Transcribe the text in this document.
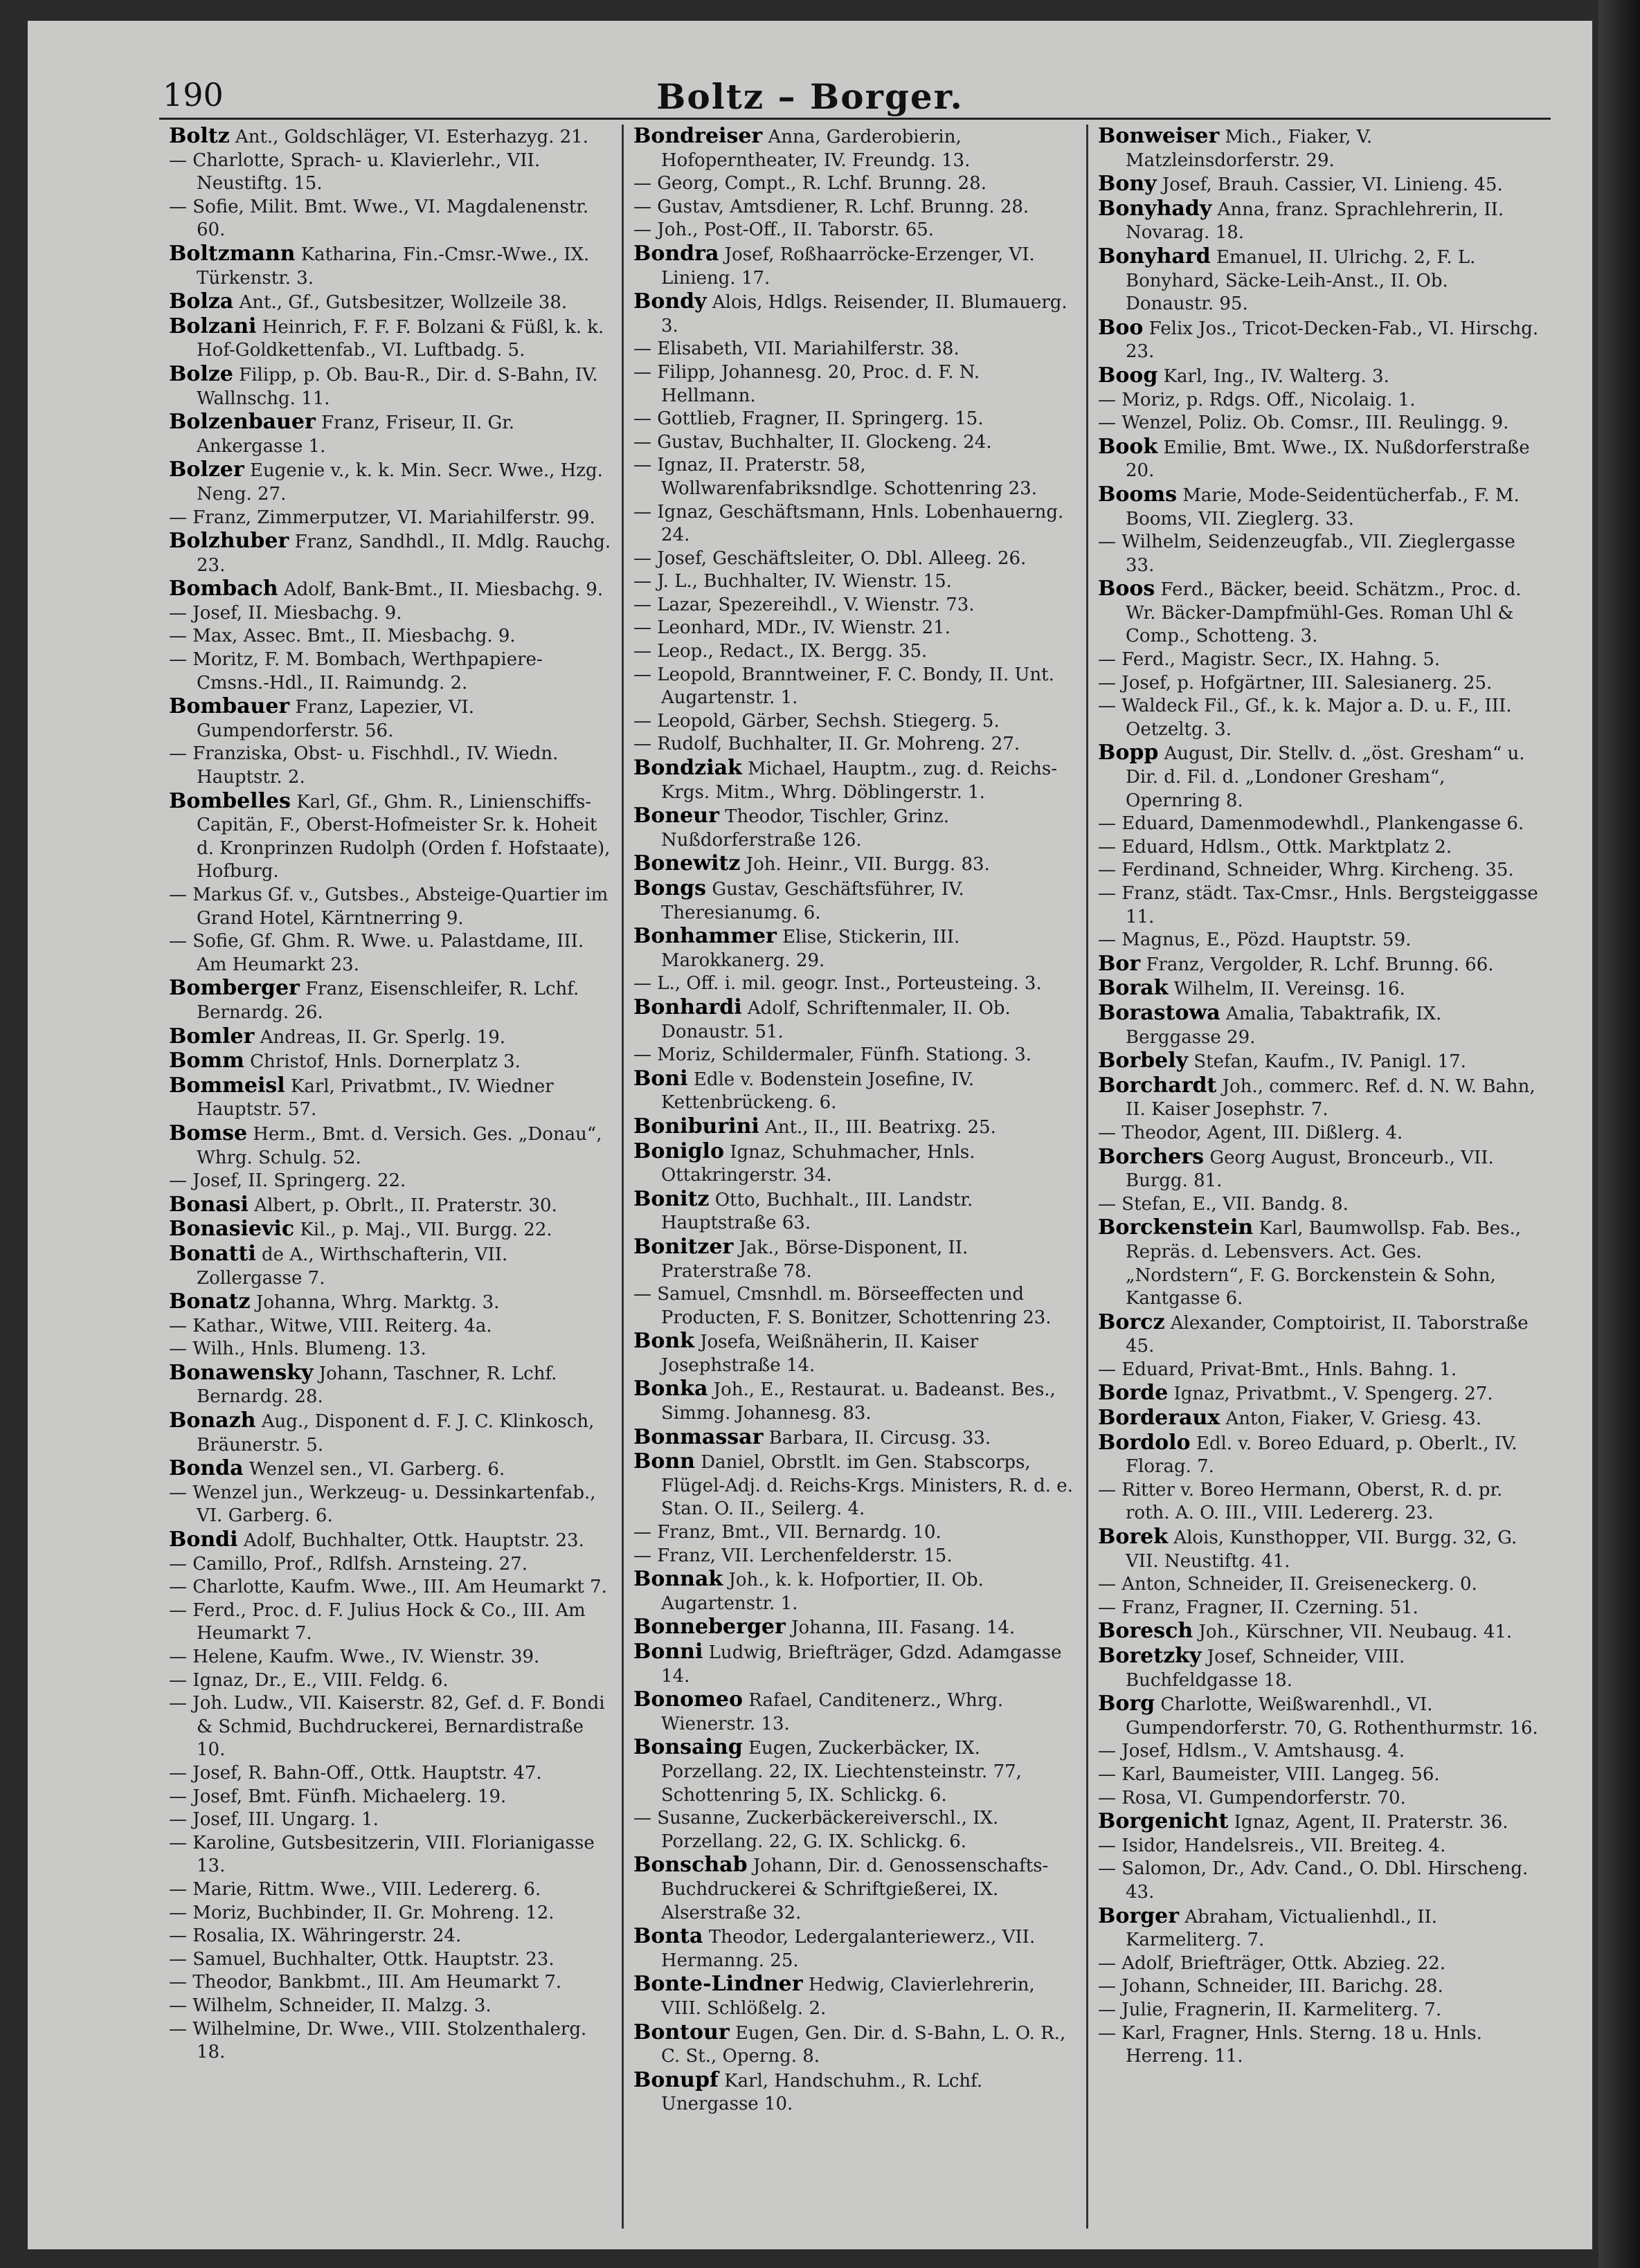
190	Boltz – Borger.

Boltz Ant., Goldschläger, VI. Esterhazyg. 21.

— Charlotte, Sprach- u. Klavierlehr., VII. Neustiftg. 15.

— Sofie, Milit. Bmt. Wwe., VI. Magdalenenstr. 60.

Boltzmann Katharina, Fin.-Cmsr.-Wwe., IX. Türkenstr. 3.

Bolza Ant., Gf., Gutsbesitzer, Wollzeile 38.

Bolzani Heinrich, F. F. F. Bolzani & Füßl, k. k. Hof-Goldkettenfab., VI. Luftbadg. 5.

Bolze Filipp, p. Ob. Bau-R., Dir. d. S-Bahn, IV. Wallnschg. 11.

Bolzenbauer Franz, Friseur, II. Gr. Ankergasse 1.

Bolzer Eugenie v., k. k. Min. Secr. Wwe., Hzg. Neng. 27.

— Franz, Zimmerputzer, VI. Mariahilferstr. 99.

Bolzhuber Franz, Sandhdl., II. Mdlg. Rauchg. 23.

Bombach Adolf, Bank-Bmt., II. Miesbachg. 9.

— Josef, II. Miesbachg. 9.

— Max, Assec. Bmt., II. Miesbachg. 9.

— Moritz, F. M. Bombach, Werthpapiere-Cmsns.-Hdl., II. Raimundg. 2.

Bombauer Franz, Lapezier, VI. Gumpendorferstr. 56.

— Franziska, Obst- u. Fischhdl., IV. Wiedn. Hauptstr. 2.

Bombelles Karl, Gf., Ghm. R., Linienschiffs-Capitän, F., Oberst-Hofmeister Sr. k. Hoheit d. Kronprinzen Rudolph (Orden f. Hofstaate), Hofburg.

— Markus Gf. v., Gutsbes., Absteige-Quartier im Grand Hotel, Kärntnerring 9.

— Sofie, Gf. Ghm. R. Wwe. u. Palastdame, III. Am Heumarkt 23.

Bomberger Franz, Eisenschleifer, R. Lchf. Bernardg. 26.

Bomler Andreas, II. Gr. Sperlg. 19.

Bomm Christof, Hnls. Dornerplatz 3.

Bommeisl Karl, Privatbmt., IV. Wiedner Hauptstr. 57.

Bomse Herm., Bmt. d. Versich. Ges. „Donau“, Whrg. Schulg. 52.

— Josef, II. Springerg. 22.

Bonasi Albert, p. Obrlt., II. Praterstr. 30.

Bonasievic Kil., p. Maj., VII. Burgg. 22.

Bonatti de A., Wirthschafterin, VII. Zollergasse 7.

Bonatz Johanna, Whrg. Marktg. 3.

— Kathar., Witwe, VIII. Reiterg. 4a.

— Wilh., Hnls. Blumeng. 13.

Bonawensky Johann, Taschner, R. Lchf. Bernardg. 28.

Bonazh Aug., Disponent d. F. J. C. Klinkosch, Bräunerstr. 5.

Bonda Wenzel sen., VI. Garberg. 6.

— Wenzel jun., Werkzeug- u. Dessinkartenfab., VI. Garberg. 6.

Bondi Adolf, Buchhalter, Ottk. Hauptstr. 23.

— Camillo, Prof., Rdlfsh. Arnsteing. 27.

— Charlotte, Kaufm. Wwe., III. Am Heumarkt 7.

— Ferd., Proc. d. F. Julius Hock & Co., III. Am Heumarkt 7.

— Helene, Kaufm. Wwe., IV. Wienstr. 39.

— Ignaz, Dr., E., VIII. Feldg. 6.

— Joh. Ludw., VII. Kaiserstr. 82, Gef. d. F. Bondi & Schmid, Buchdruckerei, Bernardistraße 10.

— Josef, R. Bahn-Off., Ottk. Hauptstr. 47.

— Josef, Bmt. Fünfh. Michaelerg. 19.

— Josef, III. Ungarg. 1.

— Karoline, Gutsbesitzerin, VIII. Florianigasse 13.

— Marie, Rittm. Wwe., VIII. Ledererg. 6.

— Moriz, Buchbinder, II. Gr. Mohreng. 12.

— Rosalia, IX. Währingerstr. 24.

— Samuel, Buchhalter, Ottk. Hauptstr. 23.

— Theodor, Bankbmt., III. Am Heumarkt 7.

— Wilhelm, Schneider, II. Malzg. 3.

— Wilhelmine, Dr. Wwe., VIII. Stolzenthalerg. 18.

Bondreiser Anna, Garderobierin, Hofoperntheater, IV. Freundg. 13.

— Georg, Compt., R. Lchf. Brunng. 28.

— Gustav, Amtsdiener, R. Lchf. Brunng. 28.

— Joh., Post-Off., II. Taborstr. 65.

Bondra Josef, Roßhaarröcke-Erzenger, VI. Linieng. 17.

Bondy Alois, Hdlgs. Reisender, II. Blumauerg. 3.

— Elisabeth, VII. Mariahilferstr. 38.

— Filipp, Johannesg. 20, Proc. d. F. N. Hellmann.

— Gottlieb, Fragner, II. Springerg. 15.

— Gustav, Buchhalter, II. Glockeng. 24.

— Ignaz, II. Praterstr. 58, Wollwarenfabriksndlge. Schottenring 23.

— Ignaz, Geschäftsmann, Hnls. Lobenhauerng. 24.

— Josef, Geschäftsleiter, O. Dbl. Alleeg. 26.

— J. L., Buchhalter, IV. Wienstr. 15.

— Lazar, Spezereihdl., V. Wienstr. 73.

— Leonhard, MDr., IV. Wienstr. 21.

— Leop., Redact., IX. Bergg. 35.

— Leopold, Branntweiner, F. C. Bondy, II. Unt. Augartenstr. 1.

— Leopold, Gärber, Sechsh. Stiegerg. 5.

— Rudolf, Buchhalter, II. Gr. Mohreng. 27.

Bondziak Michael, Hauptm., zug. d. Reichs-Krgs. Mitm., Whrg. Döblingerstr. 1.

Boneur Theodor, Tischler, Grinz. Nußdorferstraße 126.

Bonewitz Joh. Heinr., VII. Burgg. 83.

Bongs Gustav, Geschäftsführer, IV. Theresianumg. 6.

Bonhammer Elise, Stickerin, III. Marokkanerg. 29.

— L., Off. i. mil. geogr. Inst., Porteusteing. 3.

Bonhardi Adolf, Schriftenmaler, II. Ob. Donaustr. 51.

— Moriz, Schildermaler, Fünfh. Stationg. 3.

Boni Edle v. Bodenstein Josefine, IV. Kettenbrückeng. 6.

Boniburini Ant., II., III. Beatrixg. 25.

Boniglo Ignaz, Schuhmacher, Hnls. Ottakringerstr. 34.

Bonitz Otto, Buchhalt., III. Landstr. Hauptstraße 63.

Bonitzer Jak., Börse-Disponent, II. Praterstraße 78.

— Samuel, Cmsnhdl. m. Börseeffecten und Producten, F. S. Bonitzer, Schottenring 23.

Bonk Josefa, Weißnäherin, II. Kaiser Josephstraße 14.

Bonka Joh., E., Restaurat. u. Badeanst. Bes., Simmg. Johannesg. 83.

Bonmassar Barbara, II. Circusg. 33.

Bonn Daniel, Obrstlt. im Gen. Stabscorps, Flügel-Adj. d. Reichs-Krgs. Ministers, R. d. e. Stan. O. II., Seilerg. 4.

— Franz, Bmt., VII. Bernardg. 10.

— Franz, VII. Lerchenfelderstr. 15.

Bonnak Joh., k. k. Hofportier, II. Ob. Augartenstr. 1.

Bonneberger Johanna, III. Fasang. 14.

Bonni Ludwig, Briefträger, Gdzd. Adamgasse 14.

Bonomeo Rafael, Canditenerz., Whrg. Wienerstr. 13.

Bonsaing Eugen, Zuckerbäcker, IX. Porzellang. 22, IX. Liechtensteinstr. 77, Schottenring 5, IX. Schlickg. 6.

— Susanne, Zuckerbäckereiverschl., IX. Porzellang. 22, G. IX. Schlickg. 6.

Bonschab Johann, Dir. d. Genossenschafts-Buchdruckerei & Schriftgießerei, IX. Alserstraße 32.

Bonta Theodor, Ledergalanteriewerz., VII. Hermanng. 25.

Bonte-Lindner Hedwig, Clavierlehrerin, VIII. Schlößelg. 2.

Bontour Eugen, Gen. Dir. d. S-Bahn, L. O. R., C. St., Operng. 8.

Bonupf Karl, Handschuhm., R. Lchf. Unergasse 10.

Bonweiser Mich., Fiaker, V. Matzleinsdorferstr. 29.

Bony Josef, Brauh. Cassier, VI. Linieng. 45.

Bonyhady Anna, franz. Sprachlehrerin, II. Novarag. 18.

Bonyhard Emanuel, II. Ulrichg. 2, F. L. Bonyhard, Säcke-Leih-Anst., II. Ob. Donaustr. 95.

Boo Felix Jos., Tricot-Decken-Fab., VI. Hirschg. 23.

Boog Karl, Ing., IV. Walterg. 3.

— Moriz, p. Rdgs. Off., Nicolaig. 1.

— Wenzel, Poliz. Ob. Comsr., III. Reulingg. 9.

Book Emilie, Bmt. Wwe., IX. Nußdorferstraße 20.

Booms Marie, Mode-Seidentücherfab., F. M. Booms, VII. Zieglerg. 33.

— Wilhelm, Seidenzeugfab., VII. Zieglergasse 33.

Boos Ferd., Bäcker, beeid. Schätzm., Proc. d. Wr. Bäcker-Dampfmühl-Ges. Roman Uhl & Comp., Schotteng. 3.

— Ferd., Magistr. Secr., IX. Hahng. 5.

— Josef, p. Hofgärtner, III. Salesianerg. 25.

— Waldeck Fil., Gf., k. k. Major a. D. u. F., III. Oetzeltg. 3.

Bopp August, Dir. Stellv. d. „öst. Gresham“ u. Dir. d. Fil. d. „Londoner Gresham“, Opernring 8.

— Eduard, Damenmodewhdl., Plankengasse 6.

— Eduard, Hdlsm., Ottk. Marktplatz 2.

— Ferdinand, Schneider, Whrg. Kircheng. 35.

— Franz, städt. Tax-Cmsr., Hnls. Bergsteiggasse 11.

— Magnus, E., Pözd. Hauptstr. 59.

Bor Franz, Vergolder, R. Lchf. Brunng. 66.

Borak Wilhelm, II. Vereinsg. 16.

Borastowa Amalia, Tabaktrafik, IX. Berggasse 29.

Borbely Stefan, Kaufm., IV. Panigl. 17.

Borchardt Joh., commerc. Ref. d. N. W. Bahn, II. Kaiser Josephstr. 7.

— Theodor, Agent, III. Dißlerg. 4.

Borchers Georg August, Bronceurb., VII. Burgg. 81.

— Stefan, E., VII. Bandg. 8.

Borckenstein Karl, Baumwollsp. Fab. Bes., Repräs. d. Lebensvers. Act. Ges. „Nordstern“, F. G. Borckenstein & Sohn, Kantgasse 6.

Borcz Alexander, Comptoirist, II. Taborstraße 45.

— Eduard, Privat-Bmt., Hnls. Bahng. 1.

Borde Ignaz, Privatbmt., V. Spengerg. 27.

Borderaux Anton, Fiaker, V. Griesg. 43.

Bordolo Edl. v. Boreo Eduard, p. Oberlt., IV. Florag. 7.

— Ritter v. Boreo Hermann, Oberst, R. d. pr. roth. A. O. III., VIII. Ledererg. 23.

Borek Alois, Kunsthopper, VII. Burgg. 32, G. VII. Neustiftg. 41.

— Anton, Schneider, II. Greiseneckerg. 0.

— Franz, Fragner, II. Czerning. 51.

Boresch Joh., Kürschner, VII. Neubaug. 41.

Boretzky Josef, Schneider, VIII. Buchfeldgasse 18.

Borg Charlotte, Weißwarenhdl., VI. Gumpendorferstr. 70, G. Rothenthurmstr. 16.

— Josef, Hdlsm., V. Amtshausg. 4.

— Karl, Baumeister, VIII. Langeg. 56.

— Rosa, VI. Gumpendorferstr. 70.

Borgenicht Ignaz, Agent, II. Praterstr. 36.

— Isidor, Handelsreis., VII. Breiteg. 4.

— Salomon, Dr., Adv. Cand., O. Dbl. Hirscheng. 43.

Borger Abraham, Victualienhdl., II. Karmeliterg. 7.

— Adolf, Briefträger, Ottk. Abzieg. 22.

— Johann, Schneider, III. Barichg. 28.

— Julie, Fragnerin, II. Karmeliterg. 7.

— Karl, Fragner, Hnls. Sterng. 18 u. Hnls. Herreng. 11.
